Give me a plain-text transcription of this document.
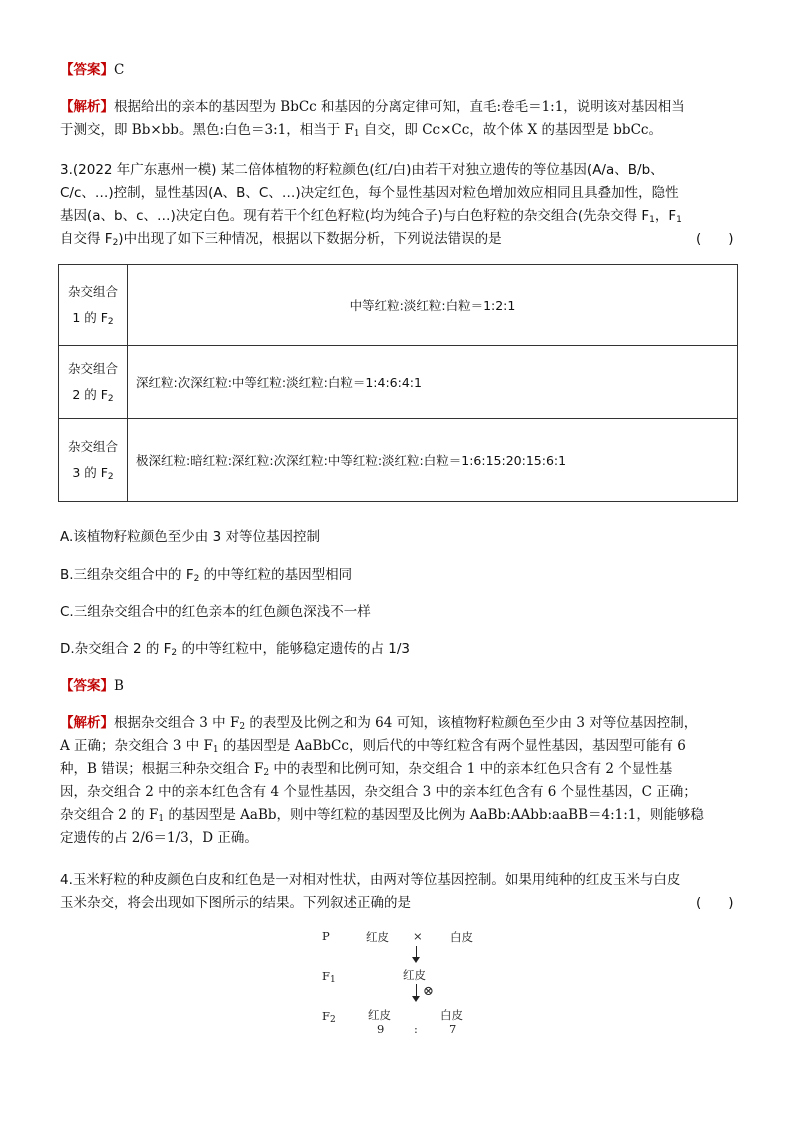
【答案】C
【解析】根据给出的亲本的基因型为 BbCc 和基因的分离定律可知，直毛:卷毛＝1:1，说明该对基因相当
于测交，即 Bb×bb。黑色:白色＝3:1，相当于 $F_1$ 自交，即 Cc×Cc，故个体 X 的基因型是 bbCc。
3.(2022 年广东惠州一模) 某二倍体植物的籽粒颜色(红/白)由若干对独立遗传的等位基因(A/a、B/b、
C/c、…)控制，显性基因(A、B、C、…)决定红色，每个显性基因对粒色增加效应相同且具叠加性，隐性
基因(a、b、c、…)决定白色。现有若干个红色籽粒(均为纯合子)与白色籽粒的杂交组合(先杂交得 $F_1$，$F_1$
自交得 $F_2$)中出现了如下三种情况，根据以下数据分析，下列说法错误的是	(　　)
杂交组合
1 的 $F_2$	中等红粒:淡红粒:白粒＝1:2:1

杂交组合
2 的 $F_2$	深红粒:次深红粒:中等红粒:淡红粒:白粒＝1:4:6:4:1

杂交组合
3 的 $F_2$	极深红粒:暗红粒:深红粒:次深红粒:中等红粒:淡红粒:白粒＝1:6:15:20:15:6:1
A.该植物籽粒颜色至少由 3 对等位基因控制
B.三组杂交组合中的 $F_2$ 的中等红粒的基因型相同
C.三组杂交组合中的红色亲本的红色颜色深浅不一样
D.杂交组合 2 的 $F_2$ 的中等红粒中，能够稳定遗传的占 1/3
【答案】B
【解析】根据杂交组合 3 中 $F_2$ 的表型及比例之和为 64 可知，该植物籽粒颜色至少由 3 对等位基因控制，
A 正确；杂交组合 3 中 $F_1$ 的基因型是 AaBbCc，则后代的中等红粒含有两个显性基因，基因型可能有 6
种，B 错误；根据三种杂交组合 $F_2$ 中的表型和比例可知，杂交组合 1 中的亲本红色只含有 2 个显性基
因，杂交组合 2 中的亲本红色含有 4 个显性基因，杂交组合 3 中的亲本红色含有 6 个显性基因，C 正确；
杂交组合 2 的 $F_1$ 的基因型是 AaBb，则中等红粒的基因型及比例为 AaBb:AAbb:aaBB＝4:1:1，则能够稳
定遗传的占 2/6＝1/3，D 正确。
4.玉米籽粒的种皮颜色白皮和红色是一对相对性状，由两对等位基因控制。如果用纯种的红皮玉米与白皮
玉米杂交，将会出现如下图所示的结果。下列叙述正确的是	(　　)
P	红皮 × 白皮
$F_1$	红皮
⊗
$F_2$	红皮	白皮
9	:	7
